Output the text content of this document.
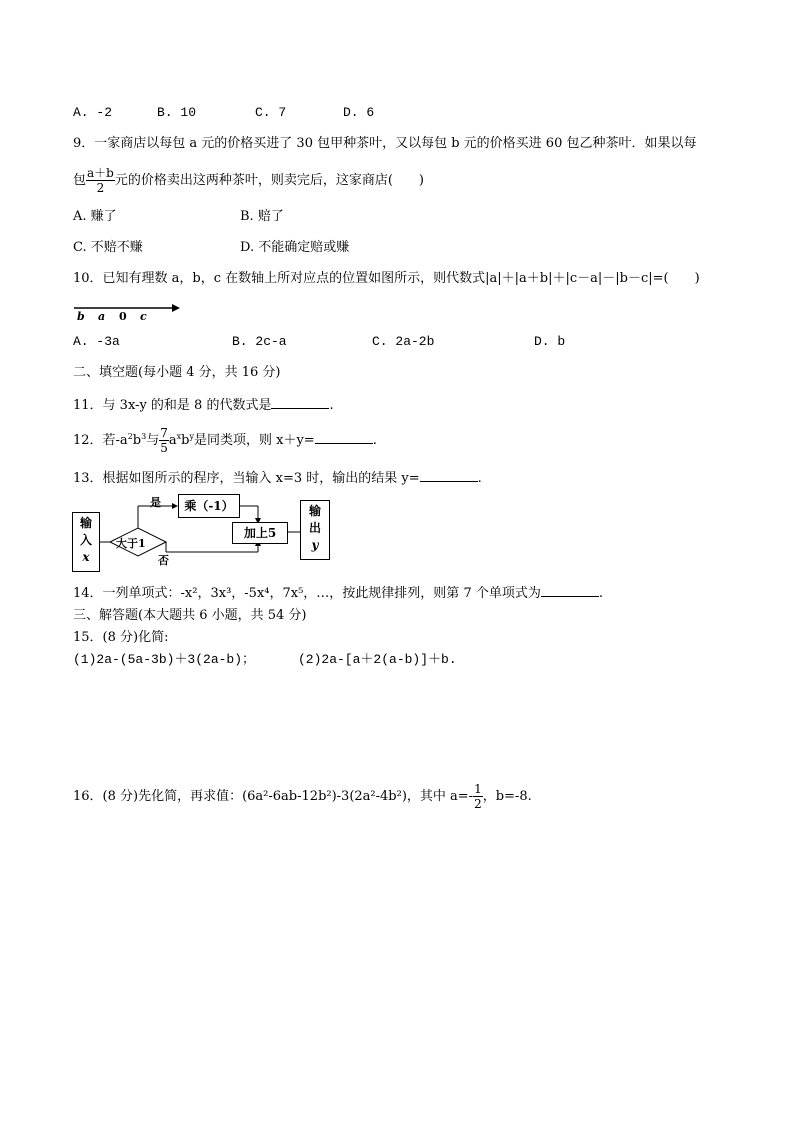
A. -2	B. 10	C. 7	D. 6
9．一家商店以每包 a 元的价格买进了 30 包甲种茶叶，又以每包 b 元的价格买进 60 包乙种茶叶．如果以每
包 $\frac{a+b}{2}$ 元的价格卖出这两种茶叶，则卖完后，这家商店(　　)
A. 赚了	B. 赔了
C. 不赔不赚	D. 不能确定赔或赚
10．已知有理数 a，b，c 在数轴上所对应点的位置如图所示，则代数式|a|＋|a＋b|＋|c－a|－|b－c|=(　　)
b a 0 c
A. -3a	B. 2c-a	C. 2a-2b	D. b
二、填空题(每小题 4 分，共 16 分)
11．与 3x-y 的和是 8 的代数式是	.
12．若$-a^2b^3$与 $\frac{7}{5} a^xb^y$是同类项，则 x＋y=	.
13．根据如图所示的程序，当输入 x=3 时，输出的结果 y=	.
输
入
x
大于1
是
否
乘（-1）
加上5
输
出
y
14．一列单项式：-x²，3x³，-5x⁴，7x⁵，…，按此规律排列，则第 7 个单项式为	.
三、解答题(本大题共 6 小题，共 54 分)
15．(8 分)化简:
(1)2a-(5a-3b)＋3(2a-b)；	(2)2a-[a＋2(a-b)]＋b.
16．(8 分)先化简，再求值：(6a²-6ab-12b²)-3(2a²-4b²)，其中 $a=- \frac{1}{2}$ ，b=-8.
